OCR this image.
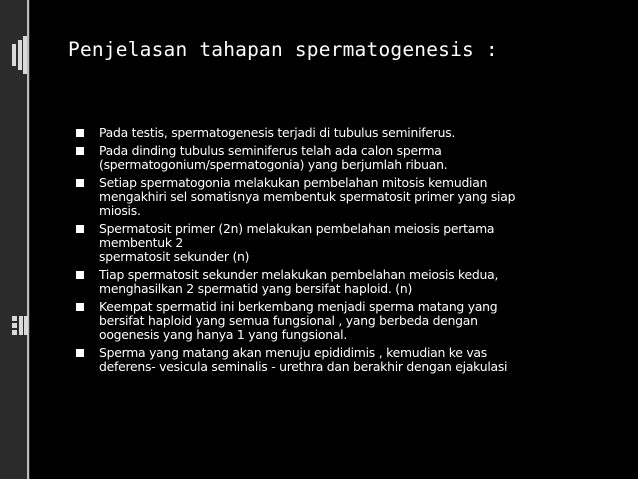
Penjelasan tahapan spermatogenesis :
Pada testis, spermatogenesis terjadi di tubulus seminiferus.
Pada dinding tubulus seminiferus telah ada calon sperma
(spermatogonium/spermatogonia) yang berjumlah ribuan.
Setiap spermatogonia melakukan pembelahan mitosis kemudian
mengakhiri sel somatisnya membentuk spermatosit primer yang siap
miosis.
Spermatosit primer (2n) melakukan pembelahan meiosis pertama
membentuk 2
spermatosit sekunder (n)
Tiap spermatosit sekunder melakukan pembelahan meiosis kedua,
menghasilkan 2 spermatid yang bersifat haploid. (n)
Keempat spermatid ini berkembang menjadi sperma matang yang
bersifat haploid yang semua fungsional , yang berbeda dengan
oogenesis yang hanya 1 yang fungsional.
Sperma yang matang akan menuju epididimis , kemudian ke vas
deferens- vesicula seminalis - urethra dan berakhir dengan ejakulasi
